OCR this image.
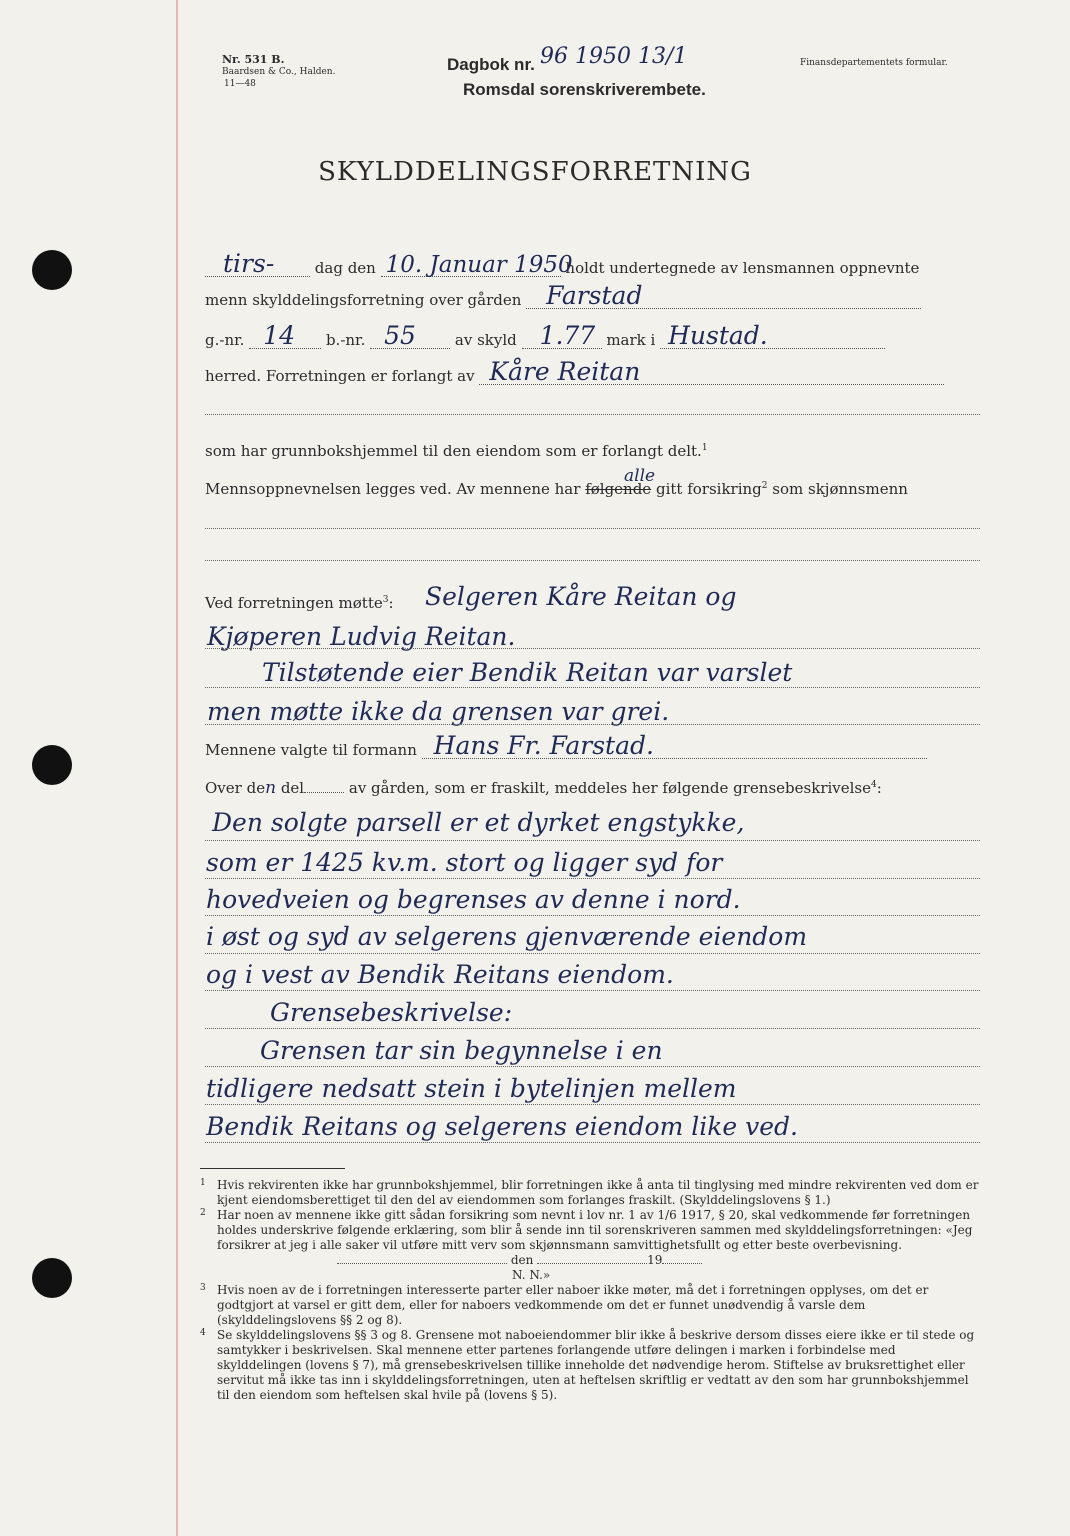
Nr. 531 B.
Baardsen & Co., Halden.
11—48
Dagbok nr. 96 1950 13/1
Romsdal sorenskriverembete.
Finansdepartementets formular.
SKYLDDELINGSFORRETNING
tirs-	dag den 10. Januar 1950
holdt undertegnede av lensmannen oppnevnte
menn skylddelingsforretning over gården Farstad
g.-nr. 14 b.-nr. 55	av skyld 1.77 mark i Hustad.
herred. Forretningen er forlangt av Kåre Reitan
som har grunnbokshjemmel til den eiendom som er forlangt delt.$^1$
alle
Mennsoppnevnelsen legges ved. Av mennene har følgende gitt forsikring$^2$ som skjønnsmenn
Ved forretningen møtte$^3$: Selgeren Kåre Reitan og
Kjøperen Ludvig Reitan.
Tilstøtende eier Bendik Reitan var varslet
men møtte ikke da grensen var grei.
Mennene valgte til formann Hans Fr. Farstad.
Over den del	av gården, som er fraskilt, meddeles her følgende grensebeskrivelse$^4$:
Den solgte parsell er et dyrket engstykke,
som er 1425 kv.m. stort og ligger syd for
hovedveien og begrenses av denne i nord.
i øst og syd av selgerens gjenværende eiendom
og i vest av Bendik Reitans eiendom.
Grensebeskrivelse:
Grensen tar sin begynnelse i en
tidligere nedsatt stein i bytelinjen mellem
Bendik Reitans og selgerens eiendom like ved.
1 Hvis rekvirenten ikke har grunnbokshjemmel, blir forretningen ikke å anta til tinglysing med mindre rekvirenten ved dom er kjent eiendomsberettiget til den del av eiendommen som forlanges fraskilt. (Skylddelingslovens § 1.)
2 Har noen av mennene ikke gitt sådan forsikring som nevnt i lov nr. 1 av 1/6 1917, § 20, skal vedkommende før forretningen holdes underskrive følgende erklæring, som blir å sende inn til sorenskriveren sammen med skylddelingsforretningen: «Jeg forsikrer at jeg i alle saker vil utføre mitt verv som skjønnsmann samvittighetsfullt og etter beste overbevisning.
den	19
N. N.»
3 Hvis noen av de i forretningen interesserte parter eller naboer ikke møter, må det i forretningen opplyses, om det er godtgjort at varsel er gitt dem, eller for naboers vedkommende om det er funnet unødvendig å varsle dem (skylddelingslovens §§ 2 og 8).
4 Se skylddelingslovens §§ 3 og 8. Grensene mot naboeiendommer blir ikke å beskrive dersom disses eiere ikke er til stede og samtykker i beskrivelsen. Skal mennene etter partenes forlangende utføre delingen i marken i forbindelse med skylddelingen (lovens § 7), må grensebeskrivelsen tillike inneholde det nødvendige herom. Stiftelse av bruksrettighet eller servitut må ikke tas inn i skylddelingsforretningen, uten at heftelsen skriftlig er vedtatt av den som har grunnbokshjemmel til den eiendom som heftelsen skal hvile på (lovens § 5).
